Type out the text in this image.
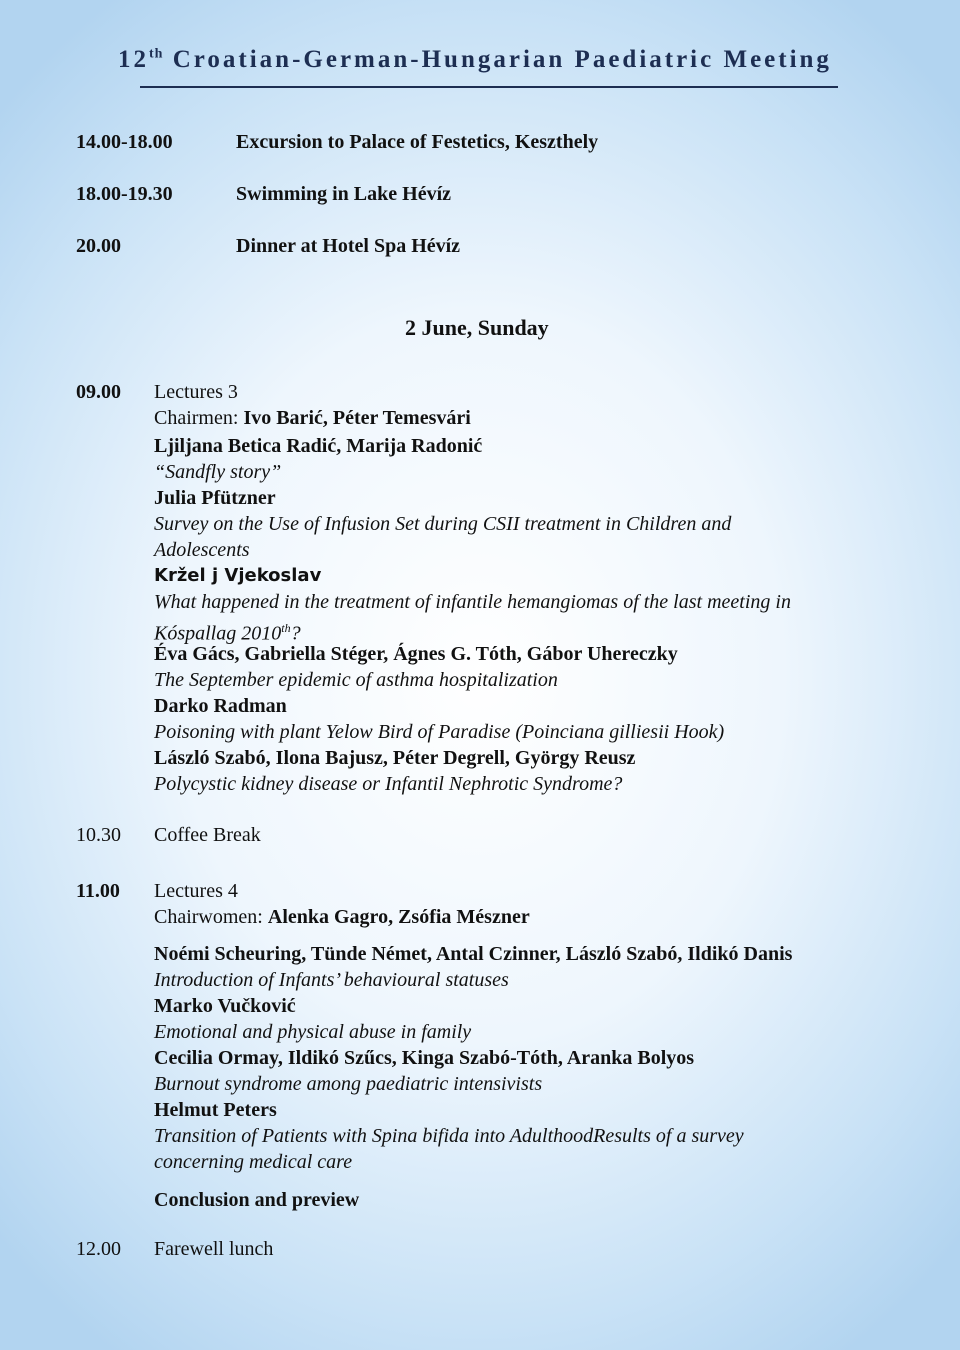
12th Croatian-German-Hungarian Paediatric Meeting
14.00-18.00	Excursion to Palace of Festetics, Keszthely
18.00-19.30	Swimming in Lake Hévíz
20.00	Dinner at Hotel Spa Hévíz
2 June, Sunday
09.00 Lectures 3
Chairmen: Ivo Barić, Péter Temesvári
Ljiljana Betica Radić, Marija Radonić
“Sandfly story”
Julia Pfützner
Survey on the Use of Infusion Set during CSII treatment in Children and
Adolescents
Kržel j Vjekoslav
What happened in the treatment of infantile hemangiomas of the last meeting in
Kóspallag 2010th?
Éva Gács, Gabriella Stéger, Ágnes G. Tóth, Gábor Uhereczky
The September epidemic of asthma hospitalization
Darko Radman
Poisoning with plant Yelow Bird of Paradise (Poinciana gilliesii Hook)
László Szabó, Ilona Bajusz, Péter Degrell, György Reusz
Polycystic kidney disease or Infantil Nephrotic Syndrome?
10.30 Coffee Break
11.00 Lectures 4
Chairwomen: Alenka Gagro, Zsófia Mészner
Noémi Scheuring, Tünde Német, Antal Czinner, László Szabó, Ildikó Danis
Introduction of Infants’ behavioural statuses
Marko Vučković
Emotional and physical abuse in family
Cecilia Ormay, Ildikó Szűcs, Kinga Szabó-Tóth, Aranka Bolyos
Burnout syndrome among paediatric intensivists
Helmut Peters
Transition of Patients with Spina bifida into AdulthoodResults of a survey
concerning medical care
Conclusion and preview
12.00 Farewell lunch
